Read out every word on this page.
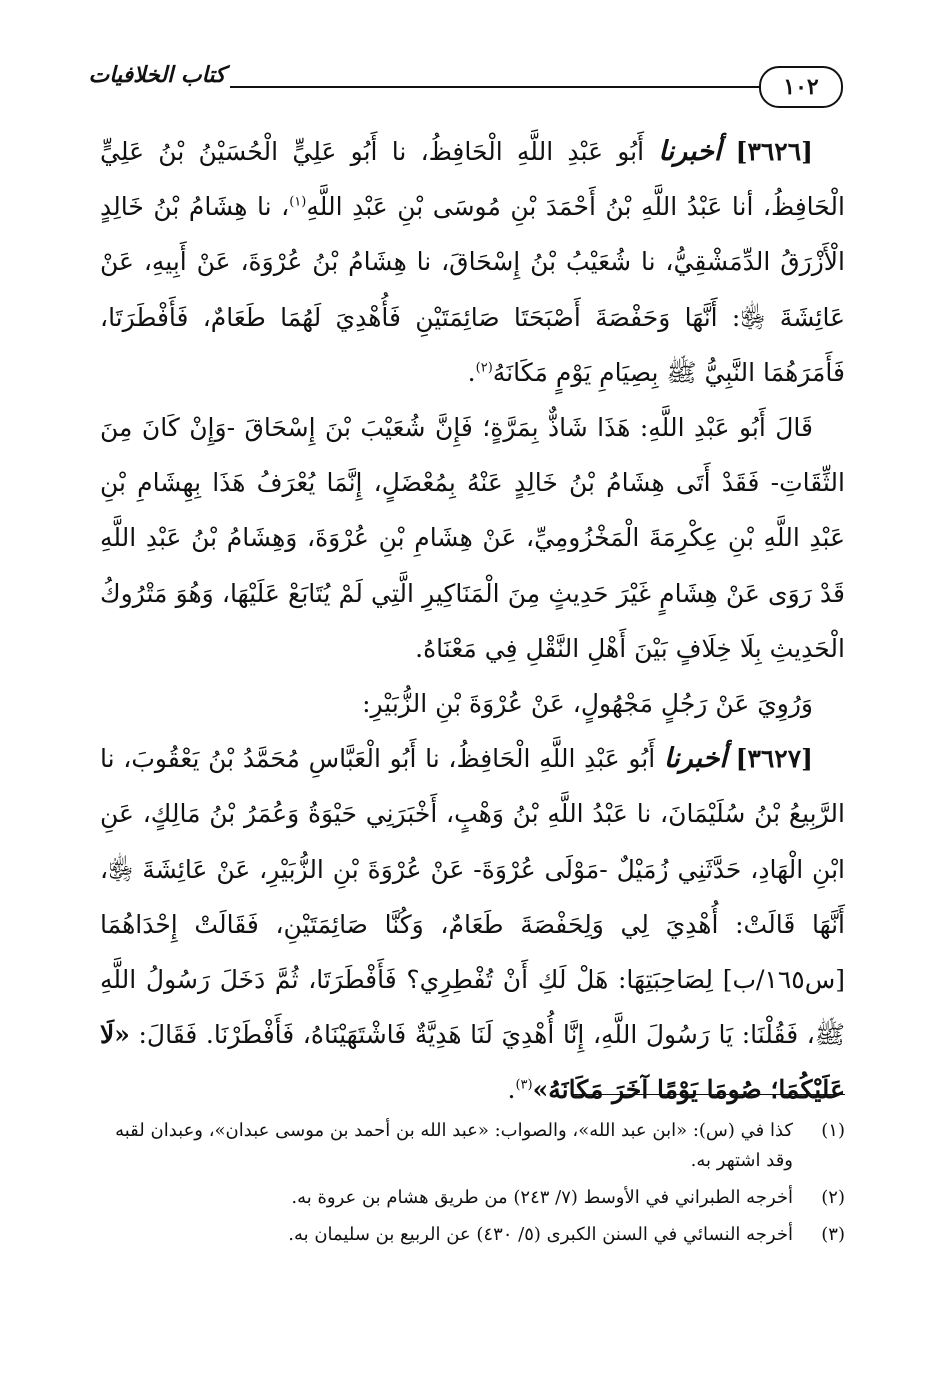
١٠٢
كتاب الخلافيات

[٣٦٢٦] أخبرنا أَبُو عَبْدِ اللَّهِ الْحَافِظُ، نا أَبُو عَلِيٍّ الْحُسَيْنُ بْنُ عَلِيٍّ الْحَافِظُ، أنا عَبْدُ اللَّهِ بْنُ أَحْمَدَ بْنِ مُوسَى بْنِ عَبْدِ اللَّهِ$^{(١)}$، نا هِشَامُ بْنُ خَالِدٍ الْأَزْرَقُ الدِّمَشْقِيُّ، نا شُعَيْبُ بْنُ إِسْحَاقَ، نا هِشَامُ بْنُ عُرْوَةَ، عَنْ أَبِيهِ، عَنْ عَائِشَةَ ﵂: أَنَّهَا وَحَفْصَةَ أَصْبَحَتَا صَائِمَتَيْنِ فَأُهْدِيَ لَهُمَا طَعَامٌ، فَأَفْطَرَتَا، فَأَمَرَهُمَا النَّبِيُّ ﷺ بِصِيَامِ يَوْمٍ مَكَانَهُ$^{(٢)}$.

قَالَ أَبُو عَبْدِ اللَّهِ: هَذَا شَاذٌّ بِمَرَّةٍ؛ فَإِنَّ شُعَيْبَ بْنَ إِسْحَاقَ -وَإِنْ كَانَ مِنَ الثِّقَاتِ- فَقَدْ أَتَى هِشَامُ بْنُ خَالِدٍ عَنْهُ بِمُعْضَلٍ، إِنَّمَا يُعْرَفُ هَذَا بِهِشَامِ بْنِ عَبْدِ اللَّهِ بْنِ عِكْرِمَةَ الْمَخْزُومِيِّ، عَنْ هِشَامِ بْنِ عُرْوَةَ، وَهِشَامُ بْنُ عَبْدِ اللَّهِ قَدْ رَوَى عَنْ هِشَامٍ غَيْرَ حَدِيثٍ مِنَ الْمَنَاكِيرِ الَّتِي لَمْ يُتَابَعْ عَلَيْهَا، وَهُوَ مَتْرُوكُ الْحَدِيثِ بِلَا خِلَافٍ بَيْنَ أَهْلِ النَّقْلِ فِي مَعْنَاهُ.

وَرُوِيَ عَنْ رَجُلٍ مَجْهُولٍ، عَنْ عُرْوَةَ بْنِ الزُّبَيْرِ:

[٣٦٢٧] أخبرنا أَبُو عَبْدِ اللَّهِ الْحَافِظُ، نا أَبُو الْعَبَّاسِ مُحَمَّدُ بْنُ يَعْقُوبَ، نا الرَّبِيعُ بْنُ سُلَيْمَانَ، نا عَبْدُ اللَّهِ بْنُ وَهْبٍ، أَخْبَرَنِي حَيْوَةُ وَعُمَرُ بْنُ مَالِكٍ، عَنِ ابْنِ الْهَادِ، حَدَّثَنِي زُمَيْلٌ -مَوْلَى عُرْوَةَ- عَنْ عُرْوَةَ بْنِ الزُّبَيْرِ، عَنْ عَائِشَةَ ﵂، أَنَّهَا قَالَتْ: أُهْدِيَ لِي وَلِحَفْصَةَ طَعَامٌ، وَكُنَّا صَائِمَتَيْنِ، فَقَالَتْ إِحْدَاهُمَا [س١٦٥/ب] لِصَاحِبَتِهَا: هَلْ لَكِ أَنْ تُفْطِرِي؟ فَأَفْطَرَتَا، ثُمَّ دَخَلَ رَسُولُ اللَّهِ ﷺ، فَقُلْنَا: يَا رَسُولَ اللَّهِ، إِنَّا أُهْدِيَ لَنَا هَدِيَّةٌ فَاشْتَهَيْنَاهُ، فَأَفْطَرْنَا. فَقَالَ: «لَا عَلَيْكُمَا؛ صُومَا يَوْمًا آخَرَ مَكَانَهُ»$^{(٣)}$.

(١)
كذا في (س): «ابن عبد الله»، والصواب: «عبد الله بن أحمد بن موسى عبدان»، وعبدان لقبه وقد اشتهر به.
(٢)
أخرجه الطبراني في الأوسط (٧/ ٢٤٣) من طريق هشام بن عروة به.
(٣)
أخرجه النسائي في السنن الكبرى (٥/ ٤٣٠) عن الربيع بن سليمان به.
